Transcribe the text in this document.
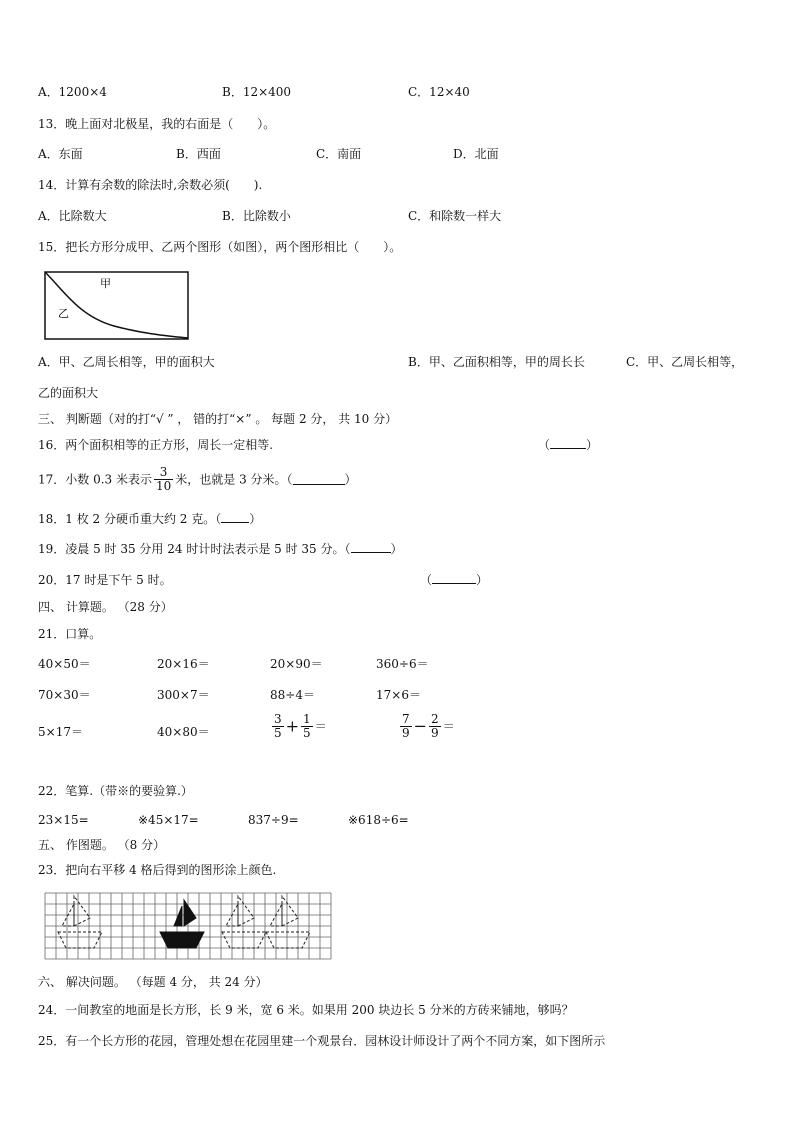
A．1200×4	B．12×400	C．12×40
13．晚上面对北极星，我的右面是（　　）。
A．东面	B．西面	C．南面	D．北面
14．计算有余数的除法时,余数必须(　　).
A．比除数大	B．比除数小	C．和除数一样大
15．把长方形分成甲、乙两个图形（如图），两个图形相比（　　）。
甲
乙
A．甲、乙周长相等，甲的面积大	B．甲、乙面积相等，甲的周长长	C．甲、乙周长相等，
乙的面积大
三、 判断题（对的打“√ ” ， 错的打“×” 。 每题 2 分， 共 10 分）
16．两个面积相等的正方形，周长一定相等.	（	）
17．小数 0.3 米表示 $\frac{3}{10}$ 米，也就是 3 分米。（	）
18．1 枚 2 分硬币重大约 2 克。（ ）
19．凌晨 5 时 35 分用 24 时计时法表示是 5 时 35 分。（	）
20．17 时是下午 5 时。	（	）
四、 计算题。 （28 分）
21．口算。
40×50＝	20×16＝	20×90＝	360÷6＝
70×30＝	300×7＝	88÷4＝	17×6＝
5×17＝	40×80＝	$\frac{3}{5} + \frac{1}{5}$ ＝	$\frac{7}{9} - \frac{2}{9}$ ＝
22．笔算.（带※的要验算.）
23×15=	※45×17=	837÷9=	※618÷6=
五、 作图题。 （8 分）
23．把向右平移 4 格后得到的图形涂上颜色.
六、 解决问题。 （每题 4 分， 共 24 分）
24．一间教室的地面是长方形，长 9 米，宽 6 米。如果用 200 块边长 5 分米的方砖来铺地，够吗？
25．有一个长方形的花园，管理处想在花园里建一个观景台．园林设计师设计了两个不同方案，如下图所示
